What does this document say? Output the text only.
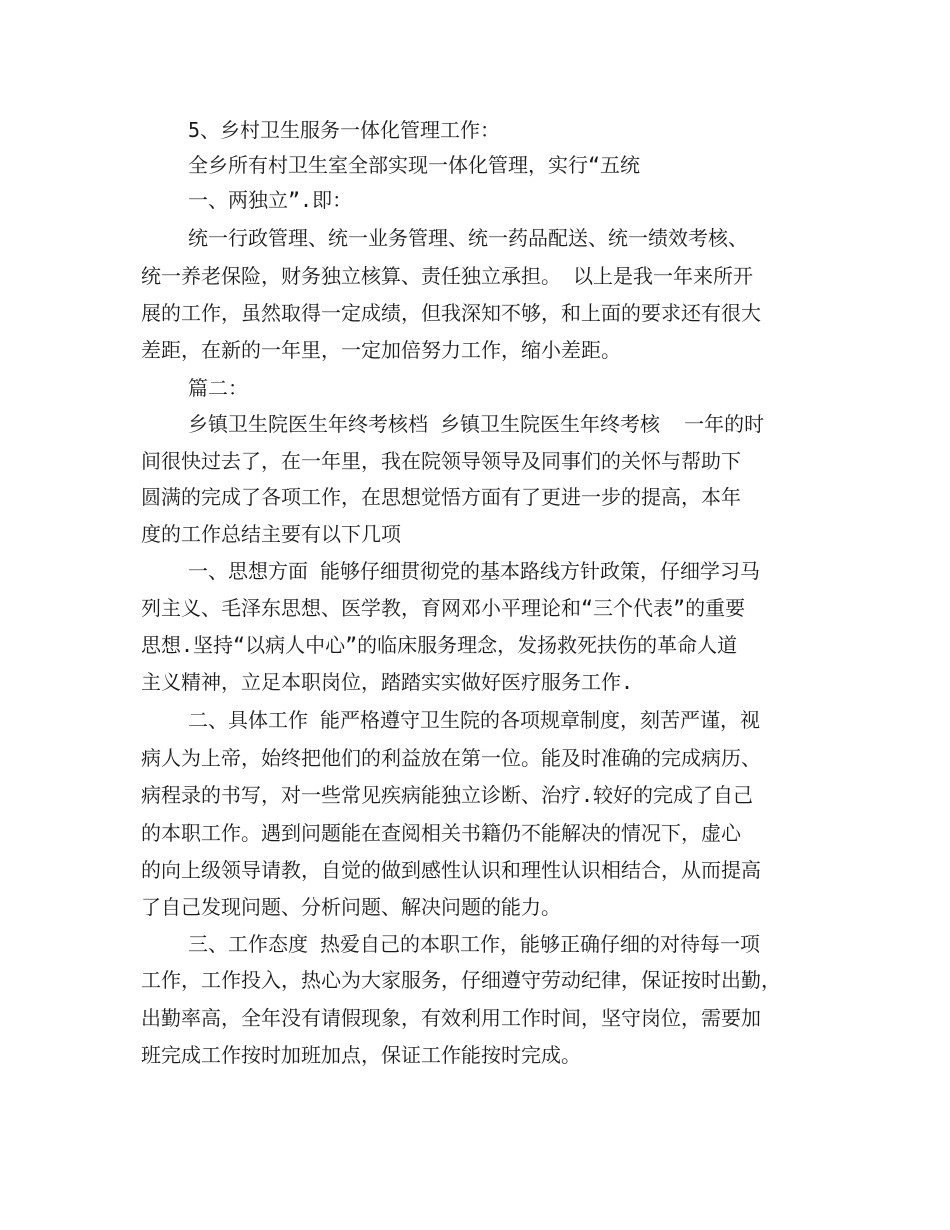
5、乡村卫生服务一体化管理工作：
全乡所有村卫生室全部实现一体化管理，实行“五统
一、两独立”.即：
统一行政管理、统一业务管理、统一药品配送、统一绩效考核、
统一养老保险，财务独立核算、责任独立承担。 以上是我一年来所开
展的工作，虽然取得一定成绩，但我深知不够，和上面的要求还有很大
差距，在新的一年里，一定加倍努力工作，缩小差距。
篇二：
乡镇卫生院医生年终考核档 乡镇卫生院医生年终考核  一年的时
间很快过去了，在一年里，我在院领导领导及同事们的关怀与帮助下
圆满的完成了各项工作，在思想觉悟方面有了更进一步的提高，本年
度的工作总结主要有以下几项
一、思想方面 能够仔细贯彻党的基本路线方针政策，仔细学习马
列主义、毛泽东思想、医学教，育网邓小平理论和“三个代表”的重要
思想.坚持“以病人中心”的临床服务理念，发扬救死扶伤的革命人道
主义精神，立足本职岗位，踏踏实实做好医疗服务工作.
二、具体工作 能严格遵守卫生院的各项规章制度，刻苦严谨，视
病人为上帝，始终把他们的利益放在第一位。能及时准确的完成病历、
病程录的书写，对一些常见疾病能独立诊断、治疗.较好的完成了自己
的本职工作。遇到问题能在查阅相关书籍仍不能解决的情况下，虚心
的向上级领导请教，自觉的做到感性认识和理性认识相结合，从而提高
了自己发现问题、分析问题、解决问题的能力。
三、工作态度 热爱自己的本职工作，能够正确仔细的对待每一项
工作，工作投入，热心为大家服务，仔细遵守劳动纪律，保证按时出勤，
出勤率高，全年没有请假现象，有效利用工作时间，坚守岗位，需要加
班完成工作按时加班加点，保证工作能按时完成。
